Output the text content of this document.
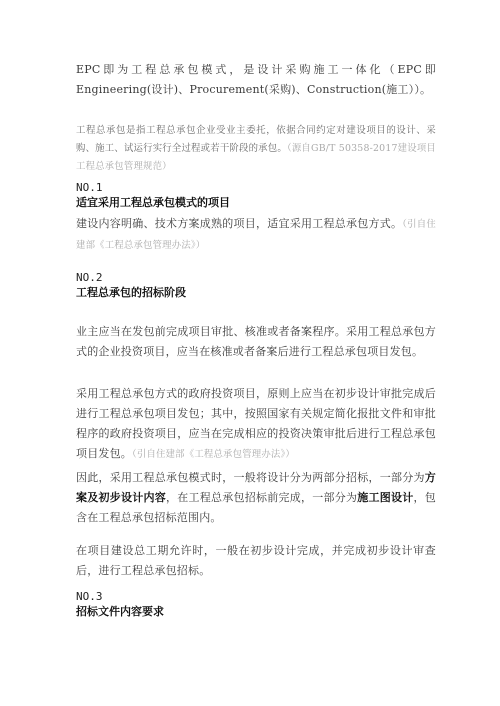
EPC即为工程总承包模式，是设计采购施工一体化（EPC即Engineering(设计)、Procurement(采购)、Construction(施工））。

工程总承包是指工程总承包企业受业主委托，依据合同约定对建设项目的设计、采购、施工、试运行实行全过程或若干阶段的承包。（源自GB/T 50358-2017建设项目工程总承包管理规范）

NO.1

适宜采用工程总承包模式的项目

建设内容明确、技术方案成熟的项目，适宜采用工程总承包方式。（引自住建部《工程总承包管理办法》）

NO.2

工程总承包的招标阶段

业主应当在发包前完成项目审批、核准或者备案程序。采用工程总承包方式的企业投资项目，应当在核准或者备案后进行工程总承包项目发包。

采用工程总承包方式的政府投资项目，原则上应当在初步设计审批完成后进行工程总承包项目发包；其中，按照国家有关规定简化报批文件和审批程序的政府投资项目，应当在完成相应的投资决策审批后进行工程总承包项目发包。（引自住建部《工程总承包管理办法》）

因此，采用工程总承包模式时，一般将设计分为两部分招标，一部分为方案及初步设计内容，在工程总承包招标前完成，一部分为施工图设计，包含在工程总承包招标范围内。

在项目建设总工期允许时，一般在初步设计完成，并完成初步设计审查后，进行工程总承包招标。

NO.3

招标文件内容要求
